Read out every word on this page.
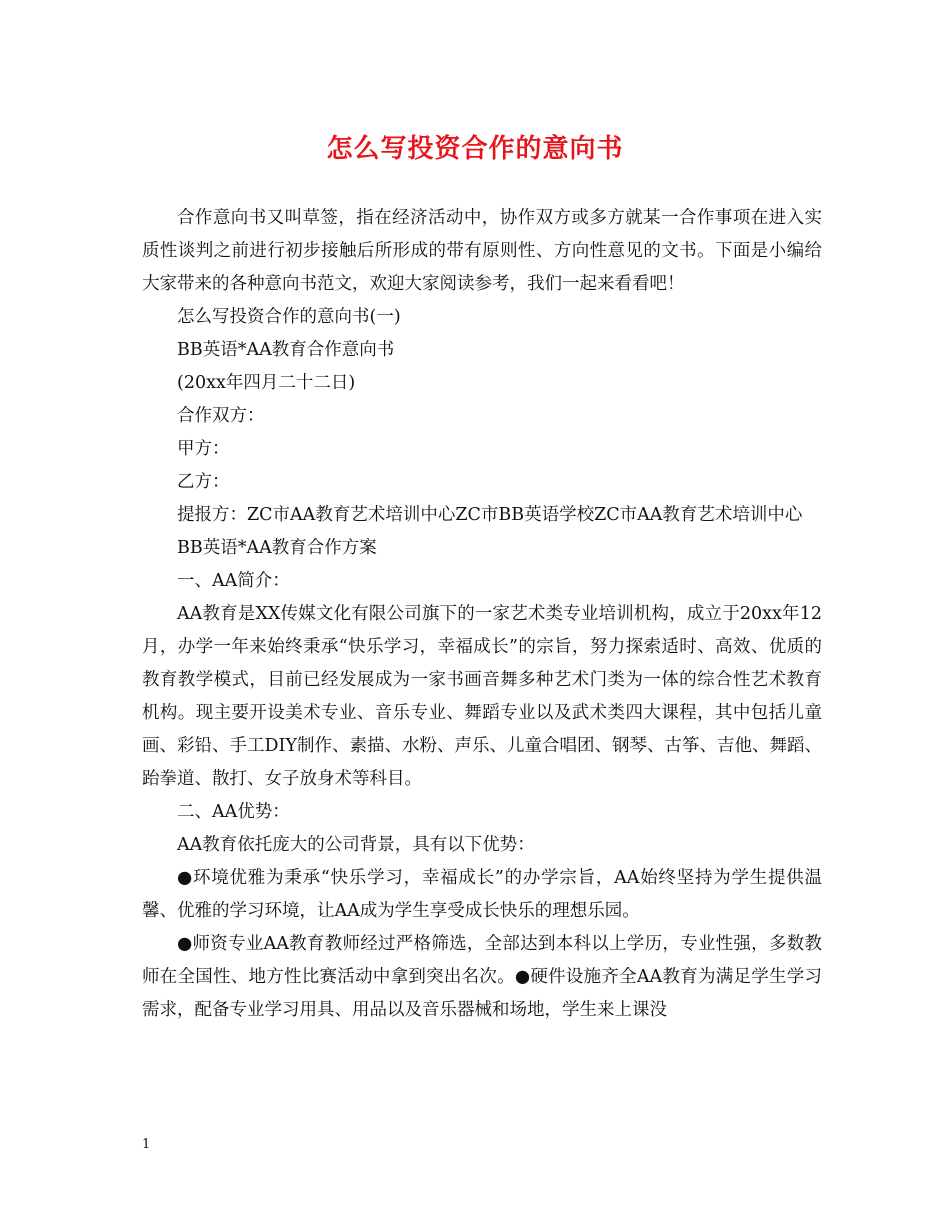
怎么写投资合作的意向书

合作意向书又叫草签，指在经济活动中，协作双方或多方就某一合作事项在进入实质性谈判之前进行初步接触后所形成的带有原则性、方向性意见的文书。下面是小编给大家带来的各种意向书范文，欢迎大家阅读参考，我们一起来看看吧！

怎么写投资合作的意向书(一)

BB英语*AA教育合作意向书

(20xx年四月二十二日)

合作双方：

甲方：

乙方：

提报方：ZC市AA教育艺术培训中心ZC市BB英语学校ZC市AA教育艺术培训中心

BB英语*AA教育合作方案

一、AA简介：

AA教育是XX传媒文化有限公司旗下的一家艺术类专业培训机构，成立于20xx年12月，办学一年来始终秉承“快乐学习，幸福成长”的宗旨，努力探索适时、高效、优质的教育教学模式，目前已经发展成为一家书画音舞多种艺术门类为一体的综合性艺术教育机构。现主要开设美术专业、音乐专业、舞蹈专业以及武术类四大课程，其中包括儿童画、彩铅、手工DIY制作、素描、水粉、声乐、儿童合唱团、钢琴、古筝、吉他、舞蹈、跆拳道、散打、女子放身术等科目。

二、AA优势：

AA教育依托庞大的公司背景，具有以下优势：

●环境优雅为秉承“快乐学习，幸福成长”的办学宗旨，AA始终坚持为学生提供温馨、优雅的学习环境，让AA成为学生享受成长快乐的理想乐园。

●师资专业AA教育教师经过严格筛选，全部达到本科以上学历，专业性强，多数教师在全国性、地方性比赛活动中拿到突出名次。●硬件设施齐全AA教育为满足学生学习需求，配备专业学习用具、用品以及音乐器械和场地，学生来上课没

1
